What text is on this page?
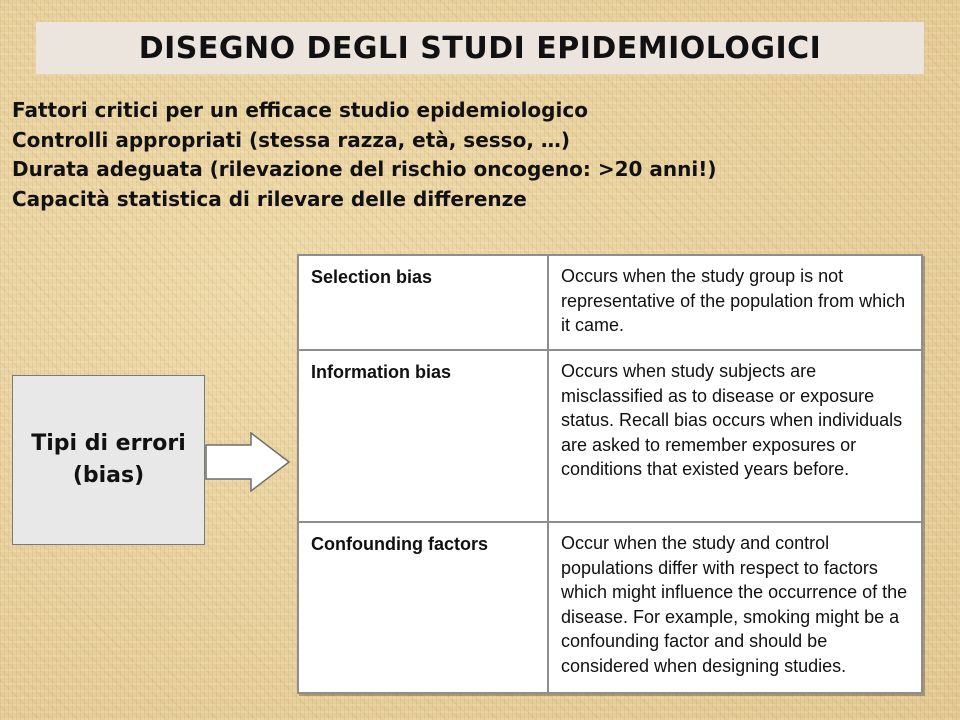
DISEGNO DEGLI STUDI EPIDEMIOLOGICI
Fattori critici per un efficace studio epidemiologico
Controlli appropriati (stessa razza, età, sesso, …)
Durata adeguata (rilevazione del rischio oncogeno: >20 anni!)
Capacità statistica di rilevare delle differenze
Tipi di errori
(bias)
Selection bias	Occurs when the study group is not representative of the population from which it came.
Information bias	Occurs when study subjects are misclassified as to disease or exposure status. Recall bias occurs when individuals are asked to remember exposures or conditions that existed years before.
Confounding factors	Occur when the study and control populations differ with respect to factors which might influence the occurrence of the disease. For example, smoking might be a confounding factor and should be considered when designing studies.
